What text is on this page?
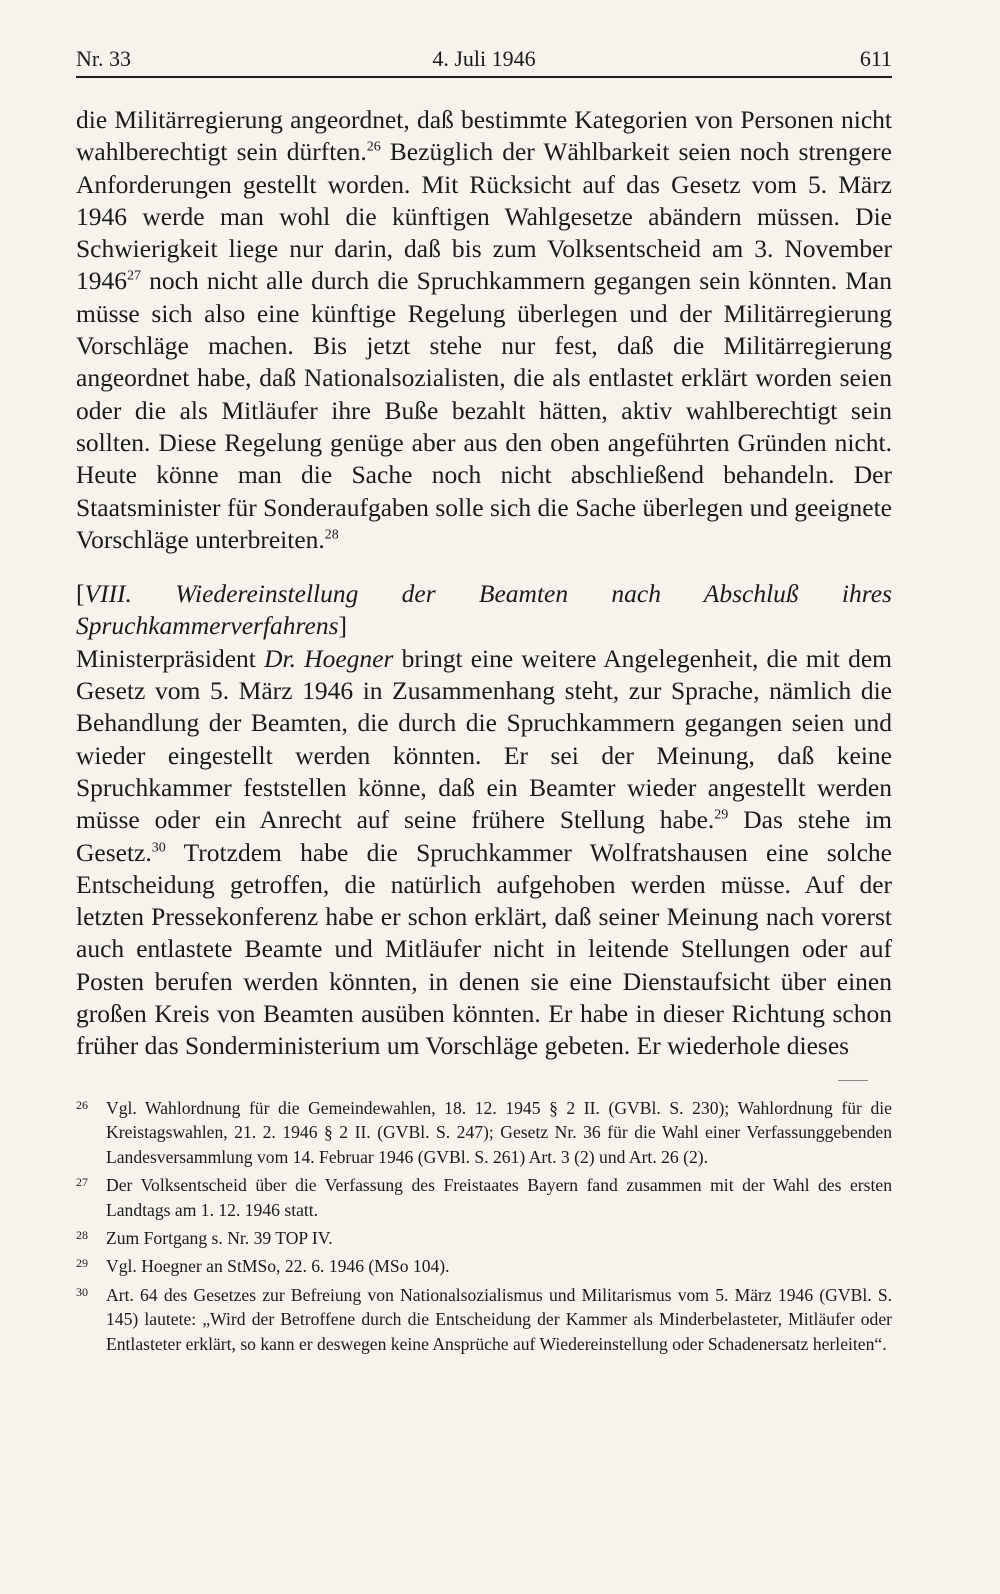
Nr. 33	4. Juli 1946	611

die Militärregierung angeordnet, daß bestimmte Kategorien von Personen nicht wahlberechtigt sein dürften.$^{26}$ Bezüglich der Wählbarkeit seien noch strengere Anforderungen gestellt worden. Mit Rücksicht auf das Gesetz vom 5. März 1946 werde man wohl die künftigen Wahlgesetze abändern müssen. Die Schwierigkeit liege nur darin, daß bis zum Volksentscheid am 3. November 1946$^{27}$ noch nicht alle durch die Spruchkammern gegangen sein könnten. Man müsse sich also eine künftige Regelung überlegen und der Militärregierung Vorschläge machen. Bis jetzt stehe nur fest, daß die Militärregierung angeordnet habe, daß Nationalsozialisten, die als entlastet erklärt worden seien oder die als Mitläufer ihre Buße bezahlt hätten, aktiv wahlberechtigt sein sollten. Diese Regelung genüge aber aus den oben angeführten Gründen nicht. Heute könne man die Sache noch nicht abschließend behandeln. Der Staatsminister für Sonderaufgaben solle sich die Sache überlegen und geeignete Vorschläge unterbreiten.$^{28}$

[VIII. Wiedereinstellung der Beamten nach Abschluß ihres Spruchkammerverfahrens]

Ministerpräsident Dr. Hoegner bringt eine weitere Angelegenheit, die mit dem Gesetz vom 5. März 1946 in Zusammenhang steht, zur Sprache, nämlich die Behandlung der Beamten, die durch die Spruchkammern gegangen seien und wieder eingestellt werden könnten. Er sei der Meinung, daß keine Spruchkammer feststellen könne, daß ein Beamter wieder angestellt werden müsse oder ein Anrecht auf seine frühere Stellung habe.$^{29}$ Das stehe im Gesetz.$^{30}$ Trotzdem habe die Spruchkammer Wolfratshausen eine solche Entscheidung getroffen, die natürlich aufgehoben werden müsse. Auf der letzten Pressekonferenz habe er schon erklärt, daß seiner Meinung nach vorerst auch entlastete Beamte und Mitläufer nicht in leitende Stellungen oder auf Posten berufen werden könnten, in denen sie eine Dienstaufsicht über einen großen Kreis von Beamten ausüben könnten. Er habe in dieser Richtung schon früher das Sonderministerium um Vorschläge gebeten. Er wiederhole dieses

26 Vgl. Wahlordnung für die Gemeindewahlen, 18. 12. 1945 § 2 II. (GVBl. S. 230); Wahlordnung für die Kreistagswahlen, 21. 2. 1946 § 2 II. (GVBl. S. 247); Gesetz Nr. 36 für die Wahl einer Verfassunggebenden Landesversammlung vom 14. Februar 1946 (GVBl. S. 261) Art. 3 (2) und Art. 26 (2).
27 Der Volksentscheid über die Verfassung des Freistaates Bayern fand zusammen mit der Wahl des ersten Landtags am 1. 12. 1946 statt.
28 Zum Fortgang s. Nr. 39 TOP IV.
29 Vgl. Hoegner an StMSo, 22. 6. 1946 (MSo 104).
30 Art. 64 des Gesetzes zur Befreiung von Nationalsozialismus und Militarismus vom 5. März 1946 (GVBl. S. 145) lautete: „Wird der Betroffene durch die Entscheidung der Kammer als Minderbelasteter, Mitläufer oder Entlasteter erklärt, so kann er deswegen keine Ansprüche auf Wiedereinstellung oder Schadenersatz herleiten“.
